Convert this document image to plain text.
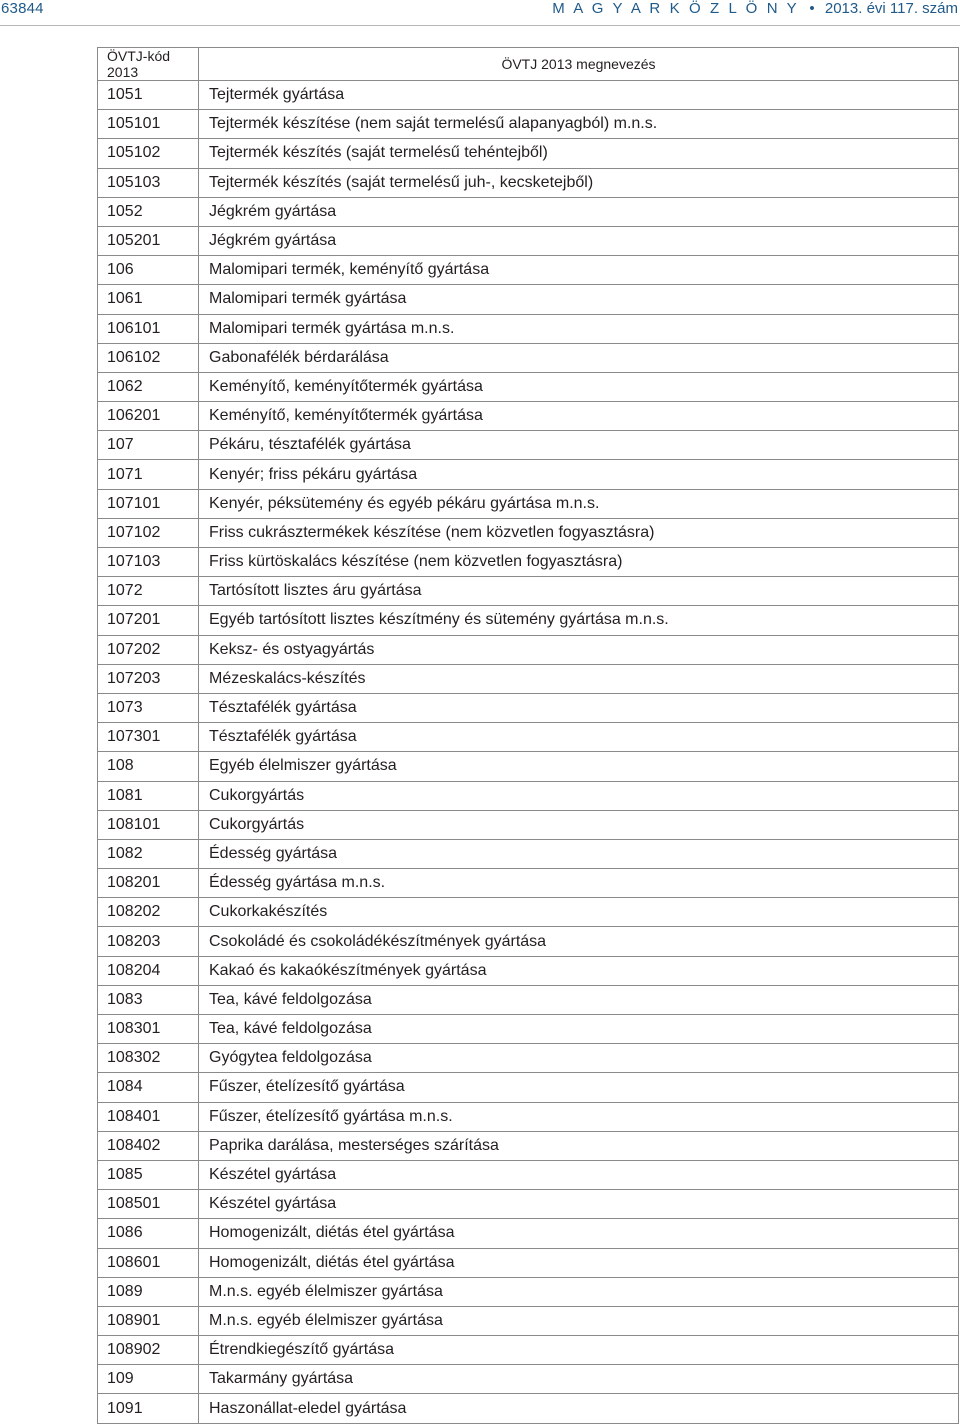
63844	M A G Y A R K Ö Z L Ö N Y • 2013. évi 117. szám
ÖVTJ-kód 2013	ÖVTJ 2013 megnevezés
1051	Tejtermék gyártása
105101	Tejtermék készítése (nem saját termelésű alapanyagból) m.n.s.
105102	Tejtermék készítés (saját termelésű tehéntejből)
105103	Tejtermék készítés (saját termelésű juh-, kecsketejből)
1052	Jégkrém gyártása
105201	Jégkrém gyártása
106	Malomipari termék, keményítő gyártása
1061	Malomipari termék gyártása
106101	Malomipari termék gyártása m.n.s.
106102	Gabonafélék bérdarálása
1062	Keményítő, keményítőtermék gyártása
106201	Keményítő, keményítőtermék gyártása
107	Pékáru, tésztafélék gyártása
1071	Kenyér; friss pékáru gyártása
107101	Kenyér, péksütemény és egyéb pékáru gyártása m.n.s.
107102	Friss cukrásztermékek készítése (nem közvetlen fogyasztásra)
107103	Friss kürtöskalács készítése (nem közvetlen fogyasztásra)
1072	Tartósított lisztes áru gyártása
107201	Egyéb tartósított lisztes készítmény és sütemény gyártása m.n.s.
107202	Keksz- és ostyagyártás
107203	Mézeskalács-készítés
1073	Tésztafélék gyártása
107301	Tésztafélék gyártása
108	Egyéb élelmiszer gyártása
1081	Cukorgyártás
108101	Cukorgyártás
1082	Édesség gyártása
108201	Édesség gyártása m.n.s.
108202	Cukorkakészítés
108203	Csokoládé és csokoládékészítmények gyártása
108204	Kakaó és kakaókészítmények gyártása
1083	Tea, kávé feldolgozása
108301	Tea, kávé feldolgozása
108302	Gyógytea feldolgozása
1084	Fűszer, ételízesítő gyártása
108401	Fűszer, ételízesítő gyártása m.n.s.
108402	Paprika darálása, mesterséges szárítása
1085	Készétel gyártása
108501	Készétel gyártása
1086	Homogenizált, diétás étel gyártása
108601	Homogenizált, diétás étel gyártása
1089	M.n.s. egyéb élelmiszer gyártása
108901	M.n.s. egyéb élelmiszer gyártása
108902	Étrendkiegészítő gyártása
109	Takarmány gyártása
1091	Haszonállat-eledel gyártása
